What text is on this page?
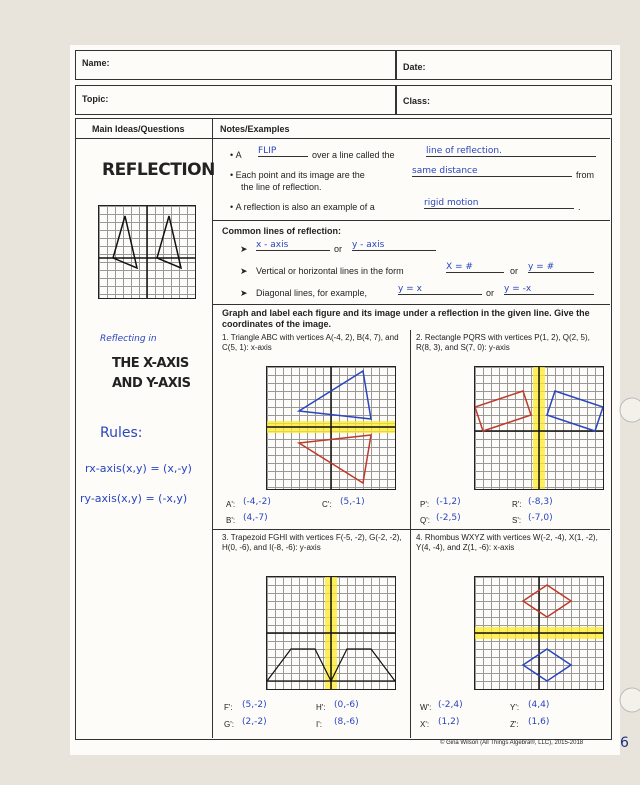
Name:	Date:
Topic:	Class:
Main Ideas/Questions	Notes/Examples
REFLECTION
Reflecting in
THE X-AXIS
AND Y-AXIS
Rules:
rx-axis(x,y) = (x,-y)
ry-axis(x,y) = (-x,y)
• A FLIP	over a line called the	line of reflection.
• Each point and its image are the	same distance	from
the line of reflection.
• A reflection is also an example of a	rigid motion	.
Common lines of reflection:
➤ x - axis	or y - axis
➤ Vertical or horizontal lines in the form	X = #	or y = #
➤ Diagonal lines, for example,	y = x	or y = -x
Graph and label each figure and its image under a reflection in the given line. Give the coordinates of the image.
1. Triangle ABC with vertices A(-4, 2), B(4, 7), and C(5, 1): x-axis
A': (-4,-2)	C': (5,-1)
B': (4,-7)
2. Rectangle PQRS with vertices P(1, 2), Q(2, 5), R(8, 3), and S(7, 0): y-axis
P': (-1,2)	R': (-8,3)
Q': (-2,5)	S': (-7,0)
3. Trapezoid FGHI with vertices F(-5, -2), G(-2, -2), H(0, -6), and I(-8, -6): y-axis
F': (5,-2)	H': (0,-6)
G': (2,-2)	I': (8,-6)
4. Rhombus WXYZ with vertices W(-2, -4), X(1, -2), Y(4, -4), and Z(1, -6): x-axis
W': (-2,4)	Y': (4,4)
X': (1,2)	Z': (1,6)
© Gina Wilson (All Things Algebra®, LLC), 2015-2018	6
